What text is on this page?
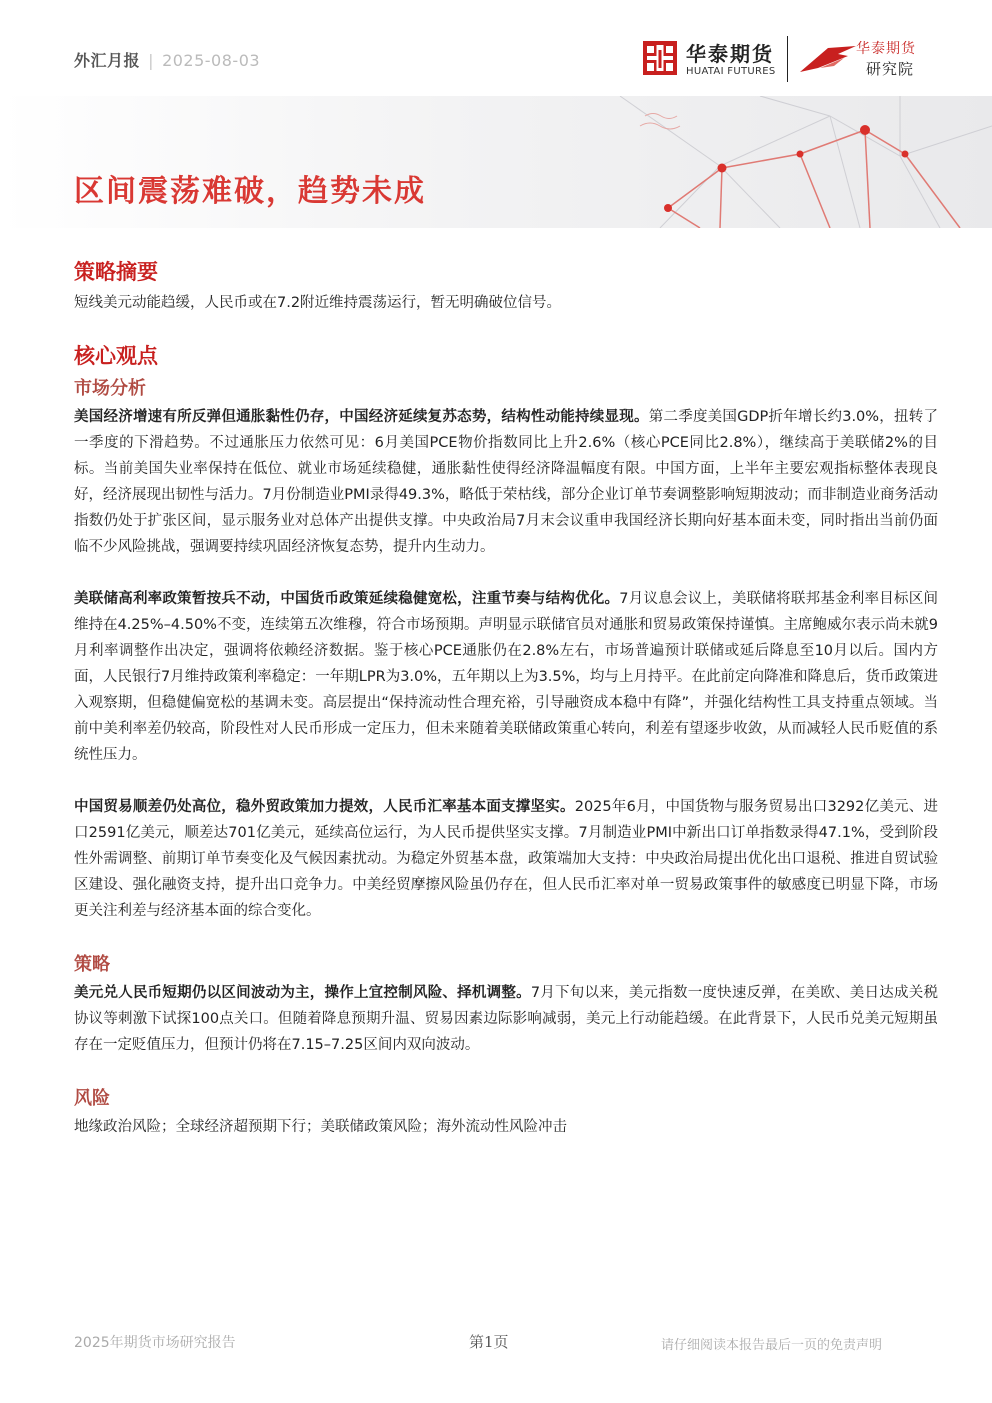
外汇月报 | 2025-08-03	华泰期货
HUATAI FUTURES
华泰期货
研究院
区间震荡难破，趋势未成
策略摘要

短线美元动能趋缓，人民币或在7.2附近维持震荡运行，暂无明确破位信号。

核心观点
市场分析

美国经济增速有所反弹但通胀黏性仍存，中国经济延续复苏态势，结构性动能持续显现。第二季度美国GDP折年增长约3.0%，扭转了一季度的下滑趋势。不过通胀压力依然可见：6月美国PCE物价指数同比上升2.6%（核心PCE同比2.8%），继续高于美联储2%的目标。当前美国失业率保持在低位、就业市场延续稳健，通胀黏性使得经济降温幅度有限。中国方面，上半年主要宏观指标整体表现良好，经济展现出韧性与活力。7月份制造业PMI录得49.3%，略低于荣枯线，部分企业订单节奏调整影响短期波动；而非制造业商务活动指数仍处于扩张区间，显示服务业对总体产出提供支撑。中央政治局7月末会议重申我国经济长期向好基本面未变，同时指出当前仍面临不少风险挑战，强调要持续巩固经济恢复态势，提升内生动力。

美联储高利率政策暂按兵不动，中国货币政策延续稳健宽松，注重节奏与结构优化。7月议息会议上，美联储将联邦基金利率目标区间维持在4.25%–4.50%不变，连续第五次维穆，符合市场预期。声明显示联储官员对通胀和贸易政策保持谨慎。主席鲍威尔表示尚未就9月利率调整作出决定，强调将依赖经济数据。鉴于核心PCE通胀仍在2.8%左右，市场普遍预计联储或延后降息至10月以后。国内方面，人民银行7月维持政策利率稳定：一年期LPR为3.0%，五年期以上为3.5%，均与上月持平。在此前定向降准和降息后，货币政策进入观察期，但稳健偏宽松的基调未变。高层提出“保持流动性合理充裕，引导融资成本稳中有降”，并强化结构性工具支持重点领域。当前中美利率差仍较高，阶段性对人民币形成一定压力，但未来随着美联储政策重心转向，利差有望逐步收敛，从而减轻人民币贬值的系统性压力。

中国贸易顺差仍处高位，稳外贸政策加力提效，人民币汇率基本面支撑坚实。2025年6月，中国货物与服务贸易出口3292亿美元、进口2591亿美元，顺差达701亿美元，延续高位运行，为人民币提供坚实支撑。7月制造业PMI中新出口订单指数录得47.1%，受到阶段性外需调整、前期订单节奏变化及气候因素扰动。为稳定外贸基本盘，政策端加大支持：中央政治局提出优化出口退税、推进自贸试验区建设、强化融资支持，提升出口竞争力。中美经贸摩擦风险虽仍存在，但人民币汇率对单一贸易政策事件的敏感度已明显下降，市场更关注利差与经济基本面的综合变化。

策略

美元兑人民币短期仍以区间波动为主，操作上宜控制风险、择机调整。7月下旬以来，美元指数一度快速反弹，在美欧、美日达成关税协议等刺激下试探100点关口。但随着降息预期升温、贸易因素边际影响减弱，美元上行动能趋缓。在此背景下，人民币兑美元短期虽存在一定贬值压力，但预计仍将在7.15–7.25区间内双向波动。

风险

地缘政治风险；全球经济超预期下行；美联储政策风险；海外流动性风险冲击

2025年期货市场研究报告	第1页	请仔细阅读本报告最后一页的免责声明
